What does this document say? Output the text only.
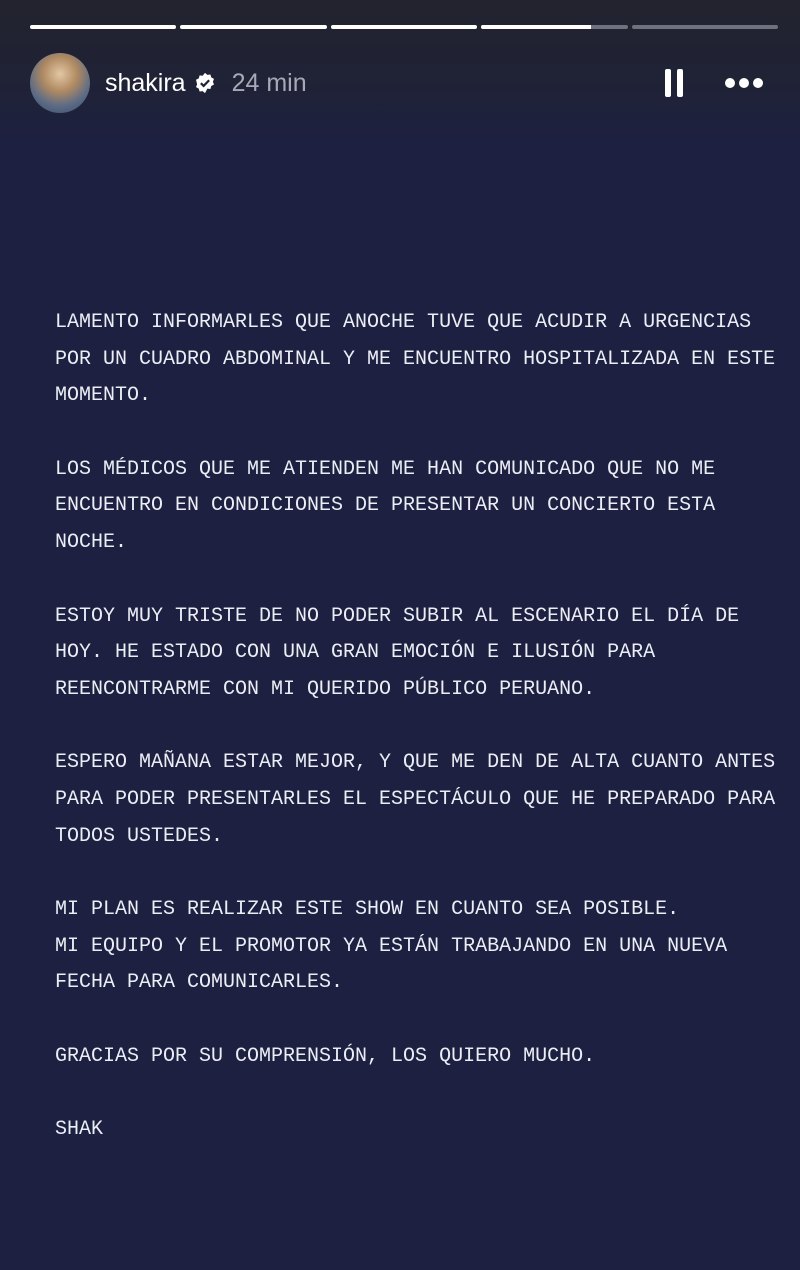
shakira 24 min
LAMENTO INFORMARLES QUE ANOCHE TUVE QUE ACUDIR A URGENCIAS
POR UN CUADRO ABDOMINAL Y ME ENCUENTRO HOSPITALIZADA EN ESTE
MOMENTO.
LOS MÉDICOS QUE ME ATIENDEN ME HAN COMUNICADO QUE NO ME
ENCUENTRO EN CONDICIONES DE PRESENTAR UN CONCIERTO ESTA
NOCHE.
ESTOY MUY TRISTE DE NO PODER SUBIR AL ESCENARIO EL DÍA DE
HOY. HE ESTADO CON UNA GRAN EMOCIÓN E ILUSIÓN PARA
REENCONTRARME CON MI QUERIDO PÚBLICO PERUANO.
ESPERO MAÑANA ESTAR MEJOR, Y QUE ME DEN DE ALTA CUANTO ANTES
PARA PODER PRESENTARLES EL ESPECTÁCULO QUE HE PREPARADO PARA
TODOS USTEDES.
MI PLAN ES REALIZAR ESTE SHOW EN CUANTO SEA POSIBLE.
MI EQUIPO Y EL PROMOTOR YA ESTÁN TRABAJANDO EN UNA NUEVA
FECHA PARA COMUNICARLES.
GRACIAS POR SU COMPRENSIÓN, LOS QUIERO MUCHO.
SHAK
